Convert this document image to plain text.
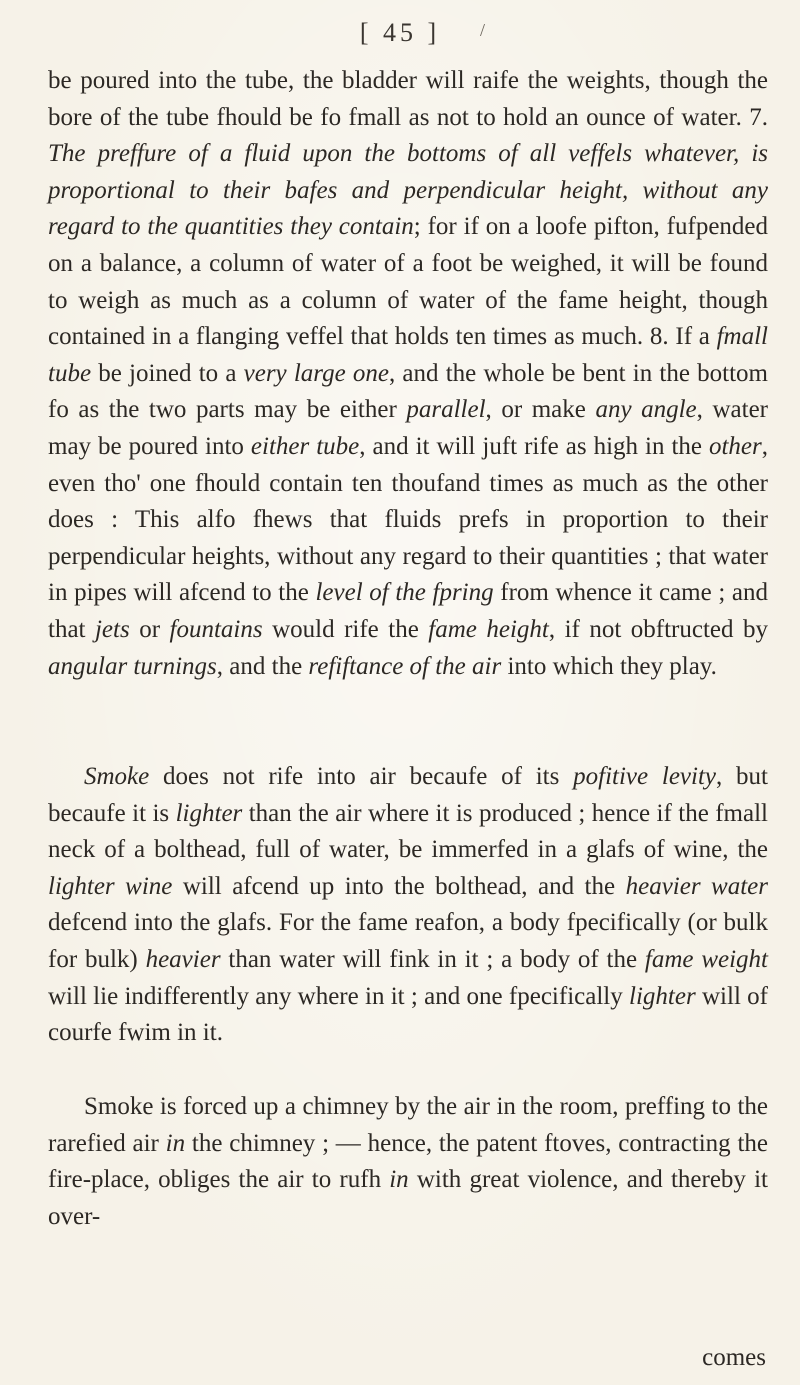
[ 45 ]	/

be poured into the tube, the bladder will raife the weights, though the bore of the tube fhould be fo fmall as not to hold an ounce of water. 7. The preffure of a fluid upon the bottoms of all veffels whatever, is proportional to their bafes and perpendicular height, without any regard to the quantities they contain; for if on a loofe pifton, fufpended on a balance, a column of water of a foot be weighed, it will be found to weigh as much as a column of water of the fame height, though contained in a flanging veffel that holds ten times as much. 8. If a fmall tube be joined to a very large one, and the whole be bent in the bottom fo as the two parts may be either parallel, or make any angle, water may be poured into either tube, and it will juft rife as high in the other, even tho' one fhould contain ten thoufand times as much as the other does : This alfo fhews that fluids prefs in proportion to their perpendicular heights, without any regard to their quantities ; that water in pipes will afcend to the level of the fpring from whence it came ; and that jets or fountains would rife the fame height, if not obftructed by angular turnings, and the refiftance of the air into which they play.

Smoke does not rife into air becaufe of its pofitive levity, but becaufe it is lighter than the air where it is produced ; hence if the fmall neck of a bolthead, full of water, be immerfed in a glafs of wine, the lighter wine will afcend up into the bolthead, and the heavier water defcend into the glafs. For the fame reafon, a body fpecifically (or bulk for bulk) heavier than water will fink in it ; a body of the fame weight will lie indifferently any where in it ; and one fpecifically lighter will of courfe fwim in it.

Smoke is forced up a chimney by the air in the room, preffing to the rarefied air in the chimney ; — hence, the patent ftoves, contracting the fire-place, obliges the air to rufh in with great violence, and thereby it over-

comes
